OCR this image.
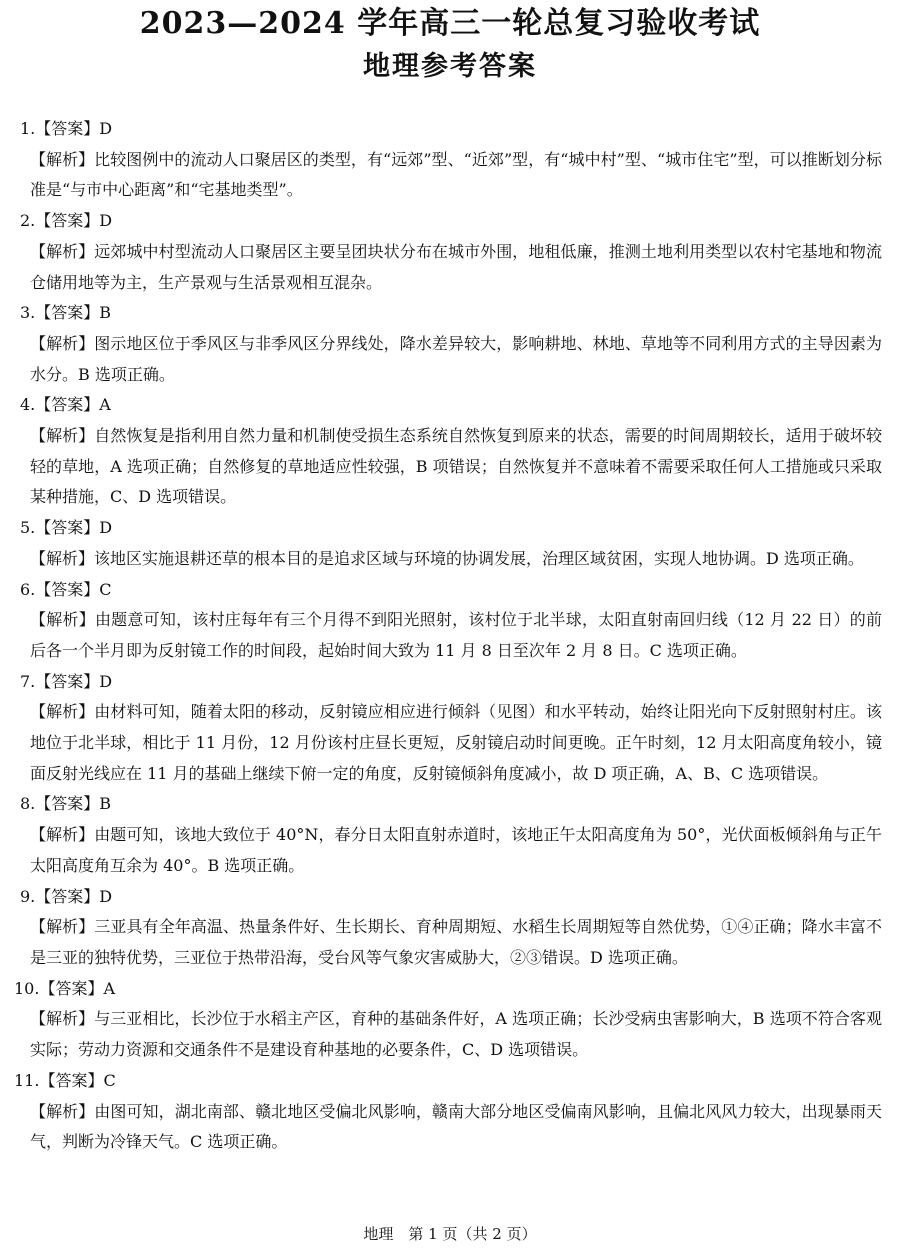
2023—2024 学年高三一轮总复习验收考试
地理参考答案
1.【答案】D
【解析】比较图例中的流动人口聚居区的类型，有“远郊”型、“近郊”型，有“城中村”型、“城市住宅”型，可以推断划分标准是“与市中心距离”和“宅基地类型”。
2.【答案】D
【解析】远郊城中村型流动人口聚居区主要呈团块状分布在城市外围，地租低廉，推测土地利用类型以农村宅基地和物流仓储用地等为主，生产景观与生活景观相互混杂。
3.【答案】B
【解析】图示地区位于季风区与非季风区分界线处，降水差异较大，影响耕地、林地、草地等不同利用方式的主导因素为水分。B 选项正确。
4.【答案】A
【解析】自然恢复是指利用自然力量和机制使受损生态系统自然恢复到原来的状态，需要的时间周期较长，适用于破坏较轻的草地，A 选项正确；自然修复的草地适应性较强，B 项错误；自然恢复并不意味着不需要采取任何人工措施或只采取某种措施，C、D 选项错误。
5.【答案】D
【解析】该地区实施退耕还草的根本目的是追求区域与环境的协调发展，治理区域贫困，实现人地协调。D 选项正确。
6.【答案】C
【解析】由题意可知，该村庄每年有三个月得不到阳光照射，该村位于北半球，太阳直射南回归线（12 月 22 日）的前后各一个半月即为反射镜工作的时间段，起始时间大致为 11 月 8 日至次年 2 月 8 日。C 选项正确。
7.【答案】D
【解析】由材料可知，随着太阳的移动，反射镜应相应进行倾斜（见图）和水平转动，始终让阳光向下反射照射村庄。该地位于北半球，相比于 11 月份，12 月份该村庄昼长更短，反射镜启动时间更晚。正午时刻，12 月太阳高度角较小，镜面反射光线应在 11 月的基础上继续下俯一定的角度，反射镜倾斜角度减小，故 D 项正确，A、B、C 选项错误。
8.【答案】B
【解析】由题可知，该地大致位于 40°N，春分日太阳直射赤道时，该地正午太阳高度角为 50°，光伏面板倾斜角与正午太阳高度角互余为 40°。B 选项正确。
9.【答案】D
【解析】三亚具有全年高温、热量条件好、生长期长、育种周期短、水稻生长周期短等自然优势，①④正确；降水丰富不是三亚的独特优势，三亚位于热带沿海，受台风等气象灾害威胁大，②③错误。D 选项正确。
10.【答案】A
【解析】与三亚相比，长沙位于水稻主产区，育种的基础条件好，A 选项正确；长沙受病虫害影响大，B 选项不符合客观实际；劳动力资源和交通条件不是建设育种基地的必要条件，C、D 选项错误。
11.【答案】C
【解析】由图可知，湖北南部、赣北地区受偏北风影响，赣南大部分地区受偏南风影响，且偏北风风力较大，出现暴雨天气，判断为冷锋天气。C 选项正确。
地理　第 1 页（共 2 页）
